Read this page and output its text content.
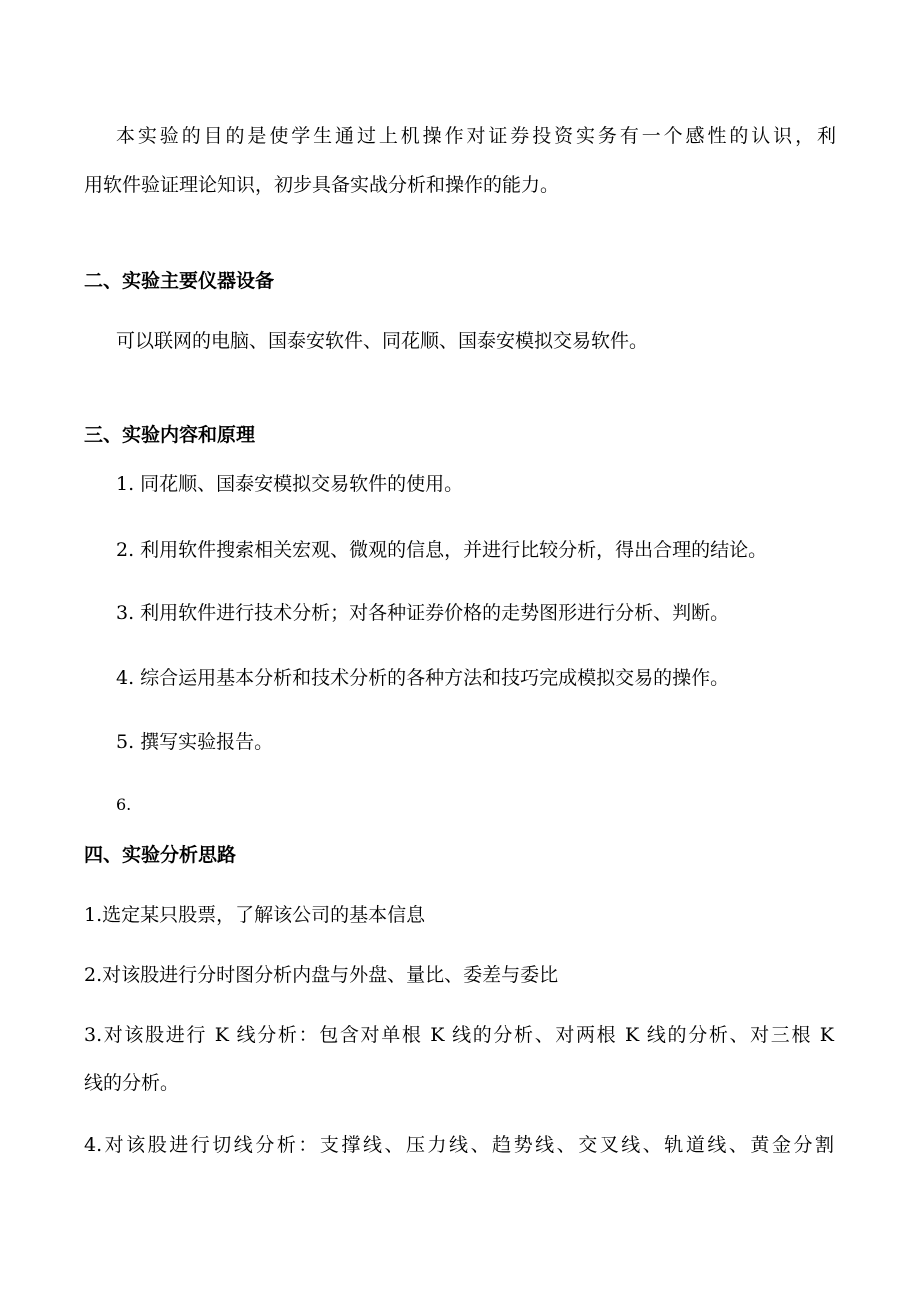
本实验的目的是使学生通过上机操作对证券投资实务有一个感性的认识，利
用软件验证理论知识，初步具备实战分析和操作的能力。
二、实验主要仪器设备
可以联网的电脑、国泰安软件、同花顺、国泰安模拟交易软件。
三、实验内容和原理
1. 同花顺、国泰安模拟交易软件的使用。
2. 利用软件搜索相关宏观、微观的信息，并进行比较分析，得出合理的结论。
3. 利用软件进行技术分析；对各种证券价格的走势图形进行分析、判断。
4. 综合运用基本分析和技术分析的各种方法和技巧完成模拟交易的操作。
5. 撰写实验报告。
6.
四、实验分析思路
1.选定某只股票，了解该公司的基本信息
2.对该股进行分时图分析内盘与外盘、量比、委差与委比
3.对该股进行 K 线分析：包含对单根 K 线的分析、对两根 K 线的分析、对三根 K
线的分析。
4.对该股进行切线分析：支撑线、压力线、趋势线、交叉线、轨道线、黄金分割
